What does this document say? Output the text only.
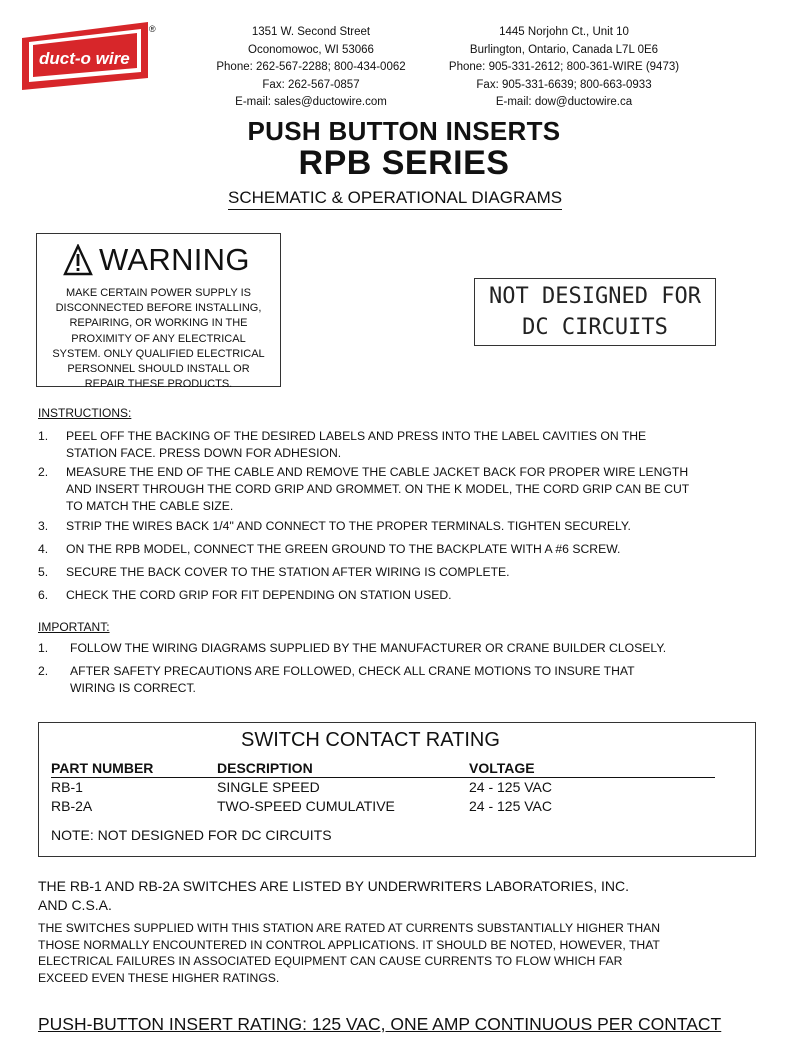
duct-o wire
®	1351 W. Second Street
Oconomowoc, WI 53066
Phone: 262-567-2288; 800-434-0062
Fax: 262-567-0857
E-mail: sales@ductowire.com
1445 Norjohn Ct., Unit 10
Burlington, Ontario, Canada L7L 0E6
Phone: 905-331-2612; 800-361-WIRE (9473)
Fax: 905-331-6639; 800-663-0933
E-mail: dow@ductowire.ca
PUSH BUTTON INSERTS
RPB SERIES
SCHEMATIC & OPERATIONAL DIAGRAMS
WARNING
MAKE CERTAIN POWER SUPPLY IS
DISCONNECTED BEFORE INSTALLING,
REPAIRING, OR WORKING IN THE
PROXIMITY OF ANY ELECTRICAL
SYSTEM. ONLY QUALIFIED ELECTRICAL
PERSONNEL SHOULD INSTALL OR
REPAIR THESE PRODUCTS.
NOT DESIGNED FOR
DC CIRCUITS
INSTRUCTIONS:
1.	PEEL OFF THE BACKING OF THE DESIRED LABELS AND PRESS INTO THE LABEL CAVITIES ON THE
STATION FACE. PRESS DOWN FOR ADHESION.
2.	MEASURE THE END OF THE CABLE AND REMOVE THE CABLE JACKET BACK FOR PROPER WIRE LENGTH
AND INSERT THROUGH THE CORD GRIP AND GROMMET. ON THE K MODEL, THE CORD GRIP CAN BE CUT
TO MATCH THE CABLE SIZE.
3.	STRIP THE WIRES BACK 1/4" AND CONNECT TO THE PROPER TERMINALS. TIGHTEN SECURELY.
4.	ON THE RPB MODEL, CONNECT THE GREEN GROUND TO THE BACKPLATE WITH A #6 SCREW.
5.	SECURE THE BACK COVER TO THE STATION AFTER WIRING IS COMPLETE.
6.	CHECK THE CORD GRIP FOR FIT DEPENDING ON STATION USED.
IMPORTANT:
1.	FOLLOW THE WIRING DIAGRAMS SUPPLIED BY THE MANUFACTURER OR CRANE BUILDER CLOSELY.
2.	AFTER SAFETY PRECAUTIONS ARE FOLLOWED, CHECK ALL CRANE MOTIONS TO INSURE THAT
WIRING IS CORRECT.
SWITCH CONTACT RATING
PART NUMBER	DESCRIPTION	VOLTAGE
RB-1	SINGLE SPEED	24 - 125 VAC
RB-2A	TWO-SPEED CUMULATIVE	24 - 125 VAC
NOTE: NOT DESIGNED FOR DC CIRCUITS
THE RB-1 AND RB-2A SWITCHES ARE LISTED BY UNDERWRITERS LABORATORIES, INC.
AND C.S.A.
THE SWITCHES SUPPLIED WITH THIS STATION ARE RATED AT CURRENTS SUBSTANTIALLY HIGHER THAN
THOSE NORMALLY ENCOUNTERED IN CONTROL APPLICATIONS. IT SHOULD BE NOTED, HOWEVER, THAT
ELECTRICAL FAILURES IN ASSOCIATED EQUIPMENT CAN CAUSE CURRENTS TO FLOW WHICH FAR
EXCEED EVEN THESE HIGHER RATINGS.
PUSH-BUTTON INSERT RATING: 125 VAC, ONE AMP CONTINUOUS PER CONTACT
